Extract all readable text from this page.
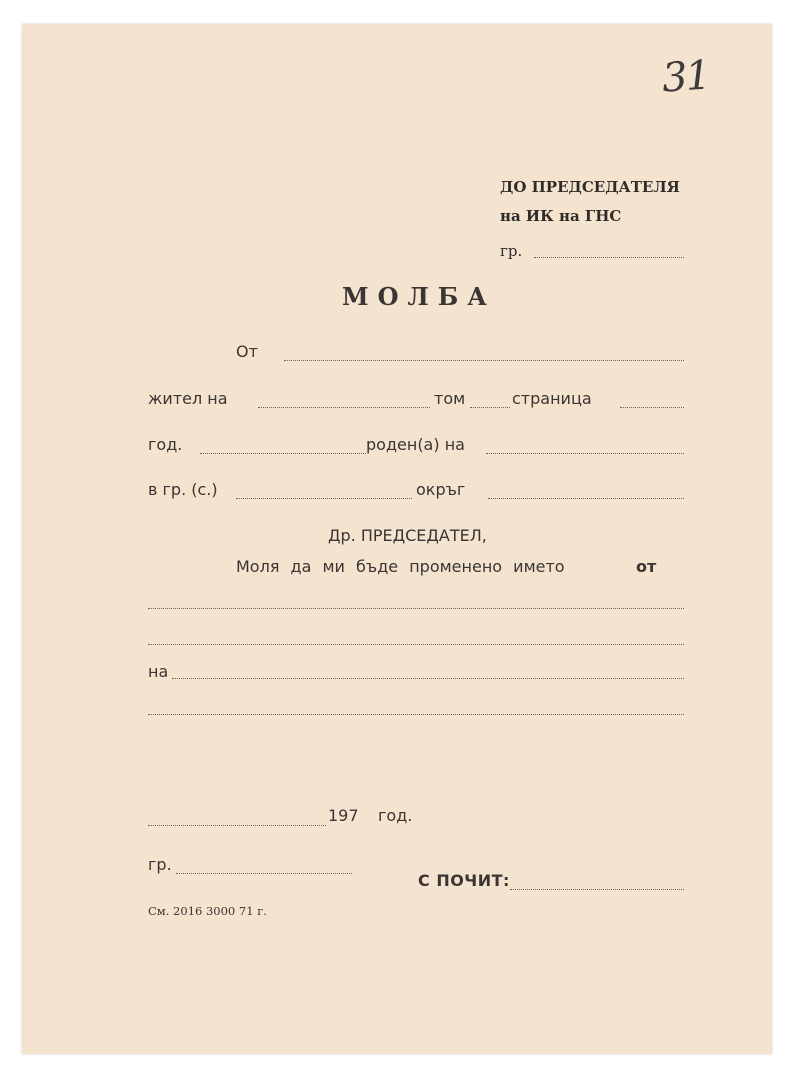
31
ДО ПРЕДСЕДАТЕЛЯ
на ИК на ГНС
гр.
МОЛБА
От
жител на	том	страница
год.	роден(а) на
в гр. (с.)	окръг
Др. ПРЕДСЕДАТЕЛ,
Моля да ми бъде променено името	от
на
197 год.
гр.
С ПОЧИТ:
См. 2016 3000 71 г.
